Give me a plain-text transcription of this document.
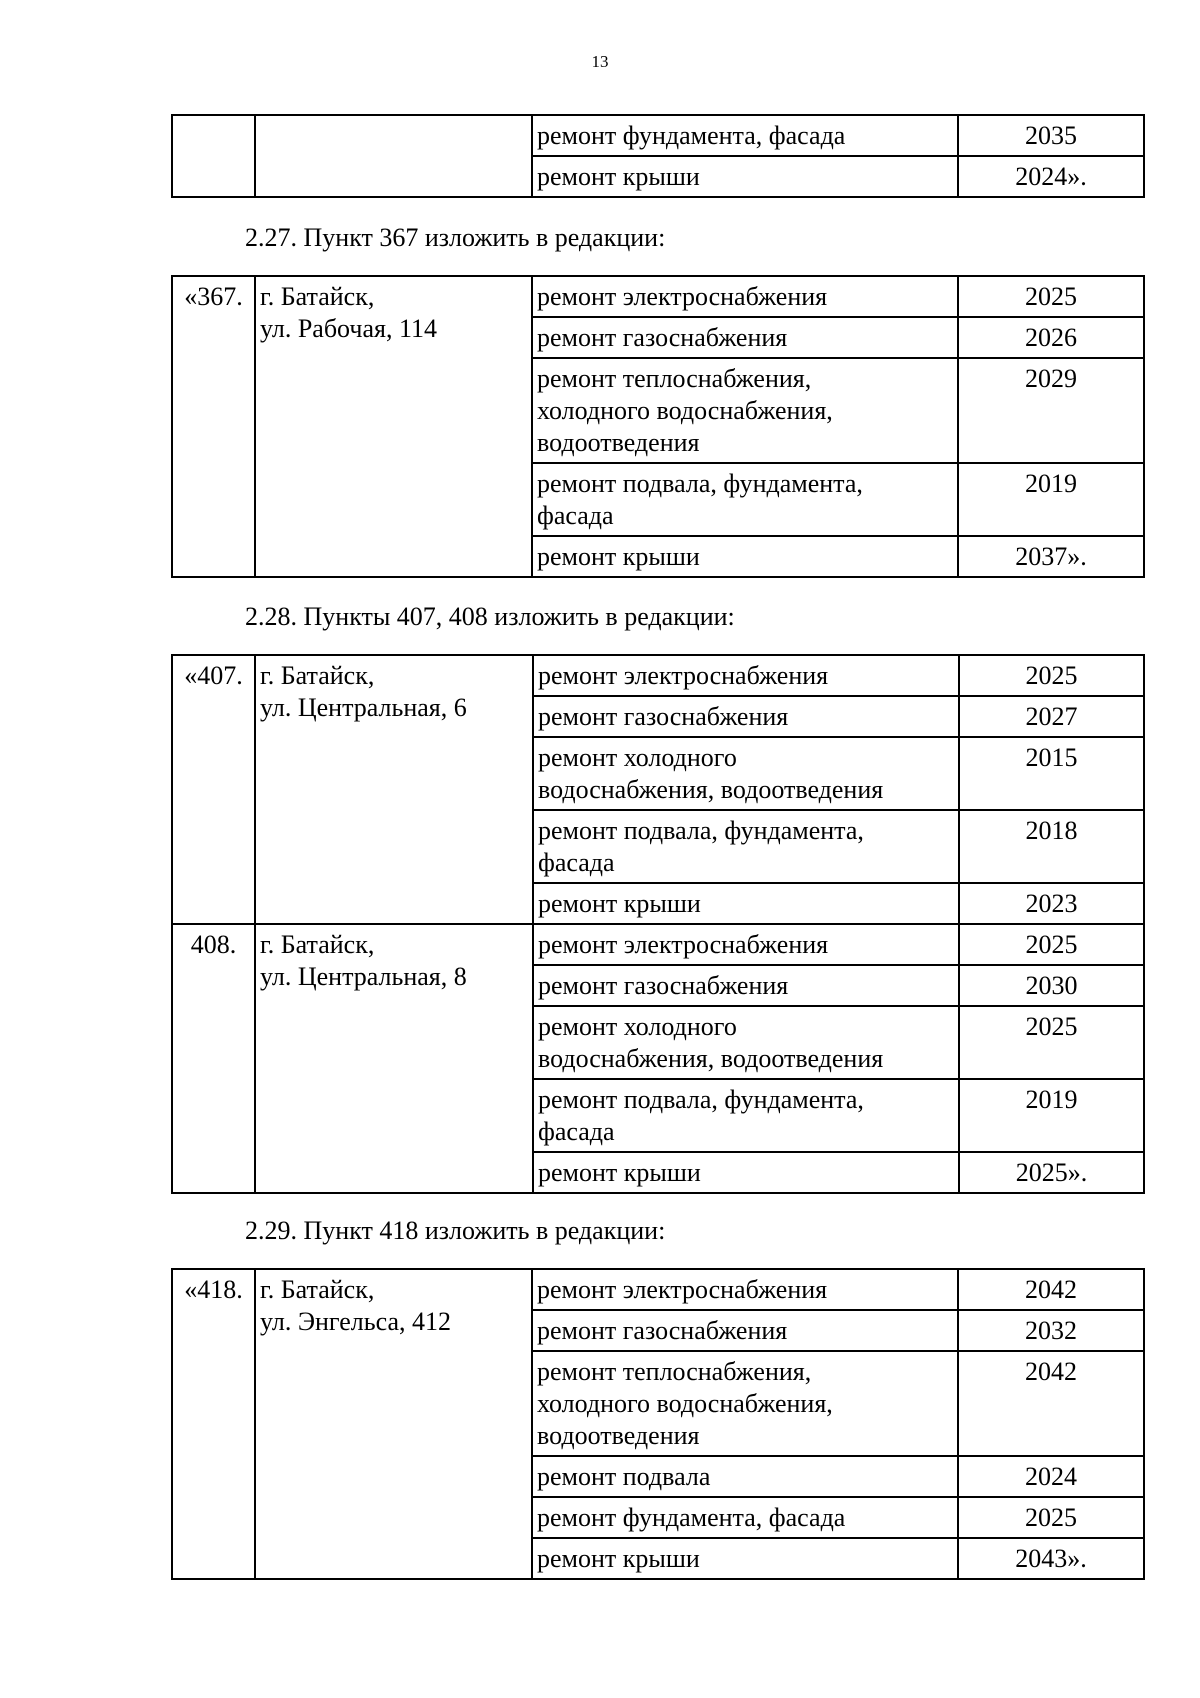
13
		ремонт фундамента, фасада	2035
		ремонт крыши	2024».
2.27. Пункт 367 изложить в редакции:
«367.	г. Батайск,
ул. Рабочая, 114	ремонт электроснабжения	2025
		ремонт газоснабжения	2026
		ремонт теплоснабжения,
холодного водоснабжения,
водоотведения	2029
		ремонт подвала, фундамента,
фасада	2019
		ремонт крыши	2037».
2.28. Пункты 407, 408 изложить в редакции:
«407.	г. Батайск,
ул. Центральная, 6	ремонт электроснабжения	2025
		ремонт газоснабжения	2027
		ремонт холодного
водоснабжения, водоотведения	2015
		ремонт подвала, фундамента,
фасада	2018
		ремонт крыши	2023
408.	г. Батайск,
ул. Центральная, 8	ремонт электроснабжения	2025
		ремонт газоснабжения	2030
		ремонт холодного
водоснабжения, водоотведения	2025
		ремонт подвала, фундамента,
фасада	2019
		ремонт крыши	2025».
2.29. Пункт 418 изложить в редакции:
«418.	г. Батайск,
ул. Энгельса, 412	ремонт электроснабжения	2042
		ремонт газоснабжения	2032
		ремонт теплоснабжения,
холодного водоснабжения,
водоотведения	2042
		ремонт подвала	2024
		ремонт фундамента, фасада	2025
		ремонт крыши	2043».
